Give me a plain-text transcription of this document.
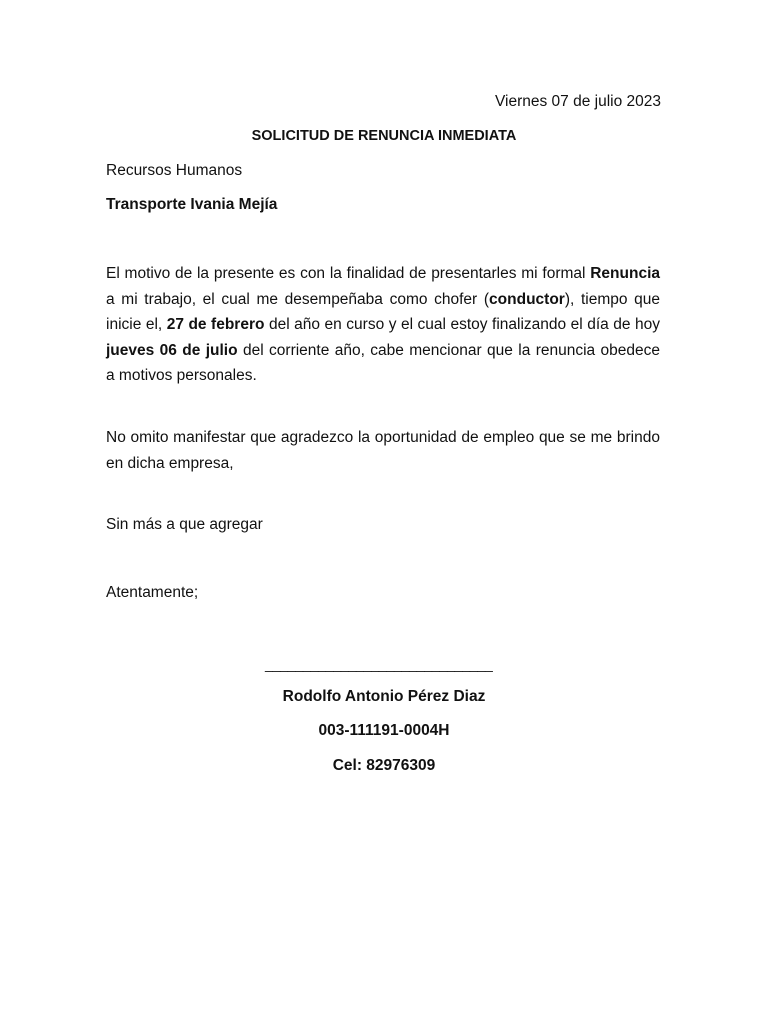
Viernes 07 de julio 2023
SOLICITUD DE RENUNCIA INMEDIATA
Recursos Humanos
Transporte Ivania Mejía
El motivo de la presente es con la finalidad de presentarles mi formal Renuncia a mi trabajo, el cual me desempeñaba como chofer (conductor), tiempo que inicie el, 27 de febrero del año en curso y el cual estoy finalizando el día de hoy jueves 06 de julio del corriente año, cabe mencionar que la renuncia obedece a motivos personales.
No omito manifestar que agradezco la oportunidad de empleo que se me brindo en dicha empresa,
Sin más a que agregar
Atentamente;
______________________________
Rodolfo Antonio Pérez Diaz
003-111191-0004H
Cel: 82976309
